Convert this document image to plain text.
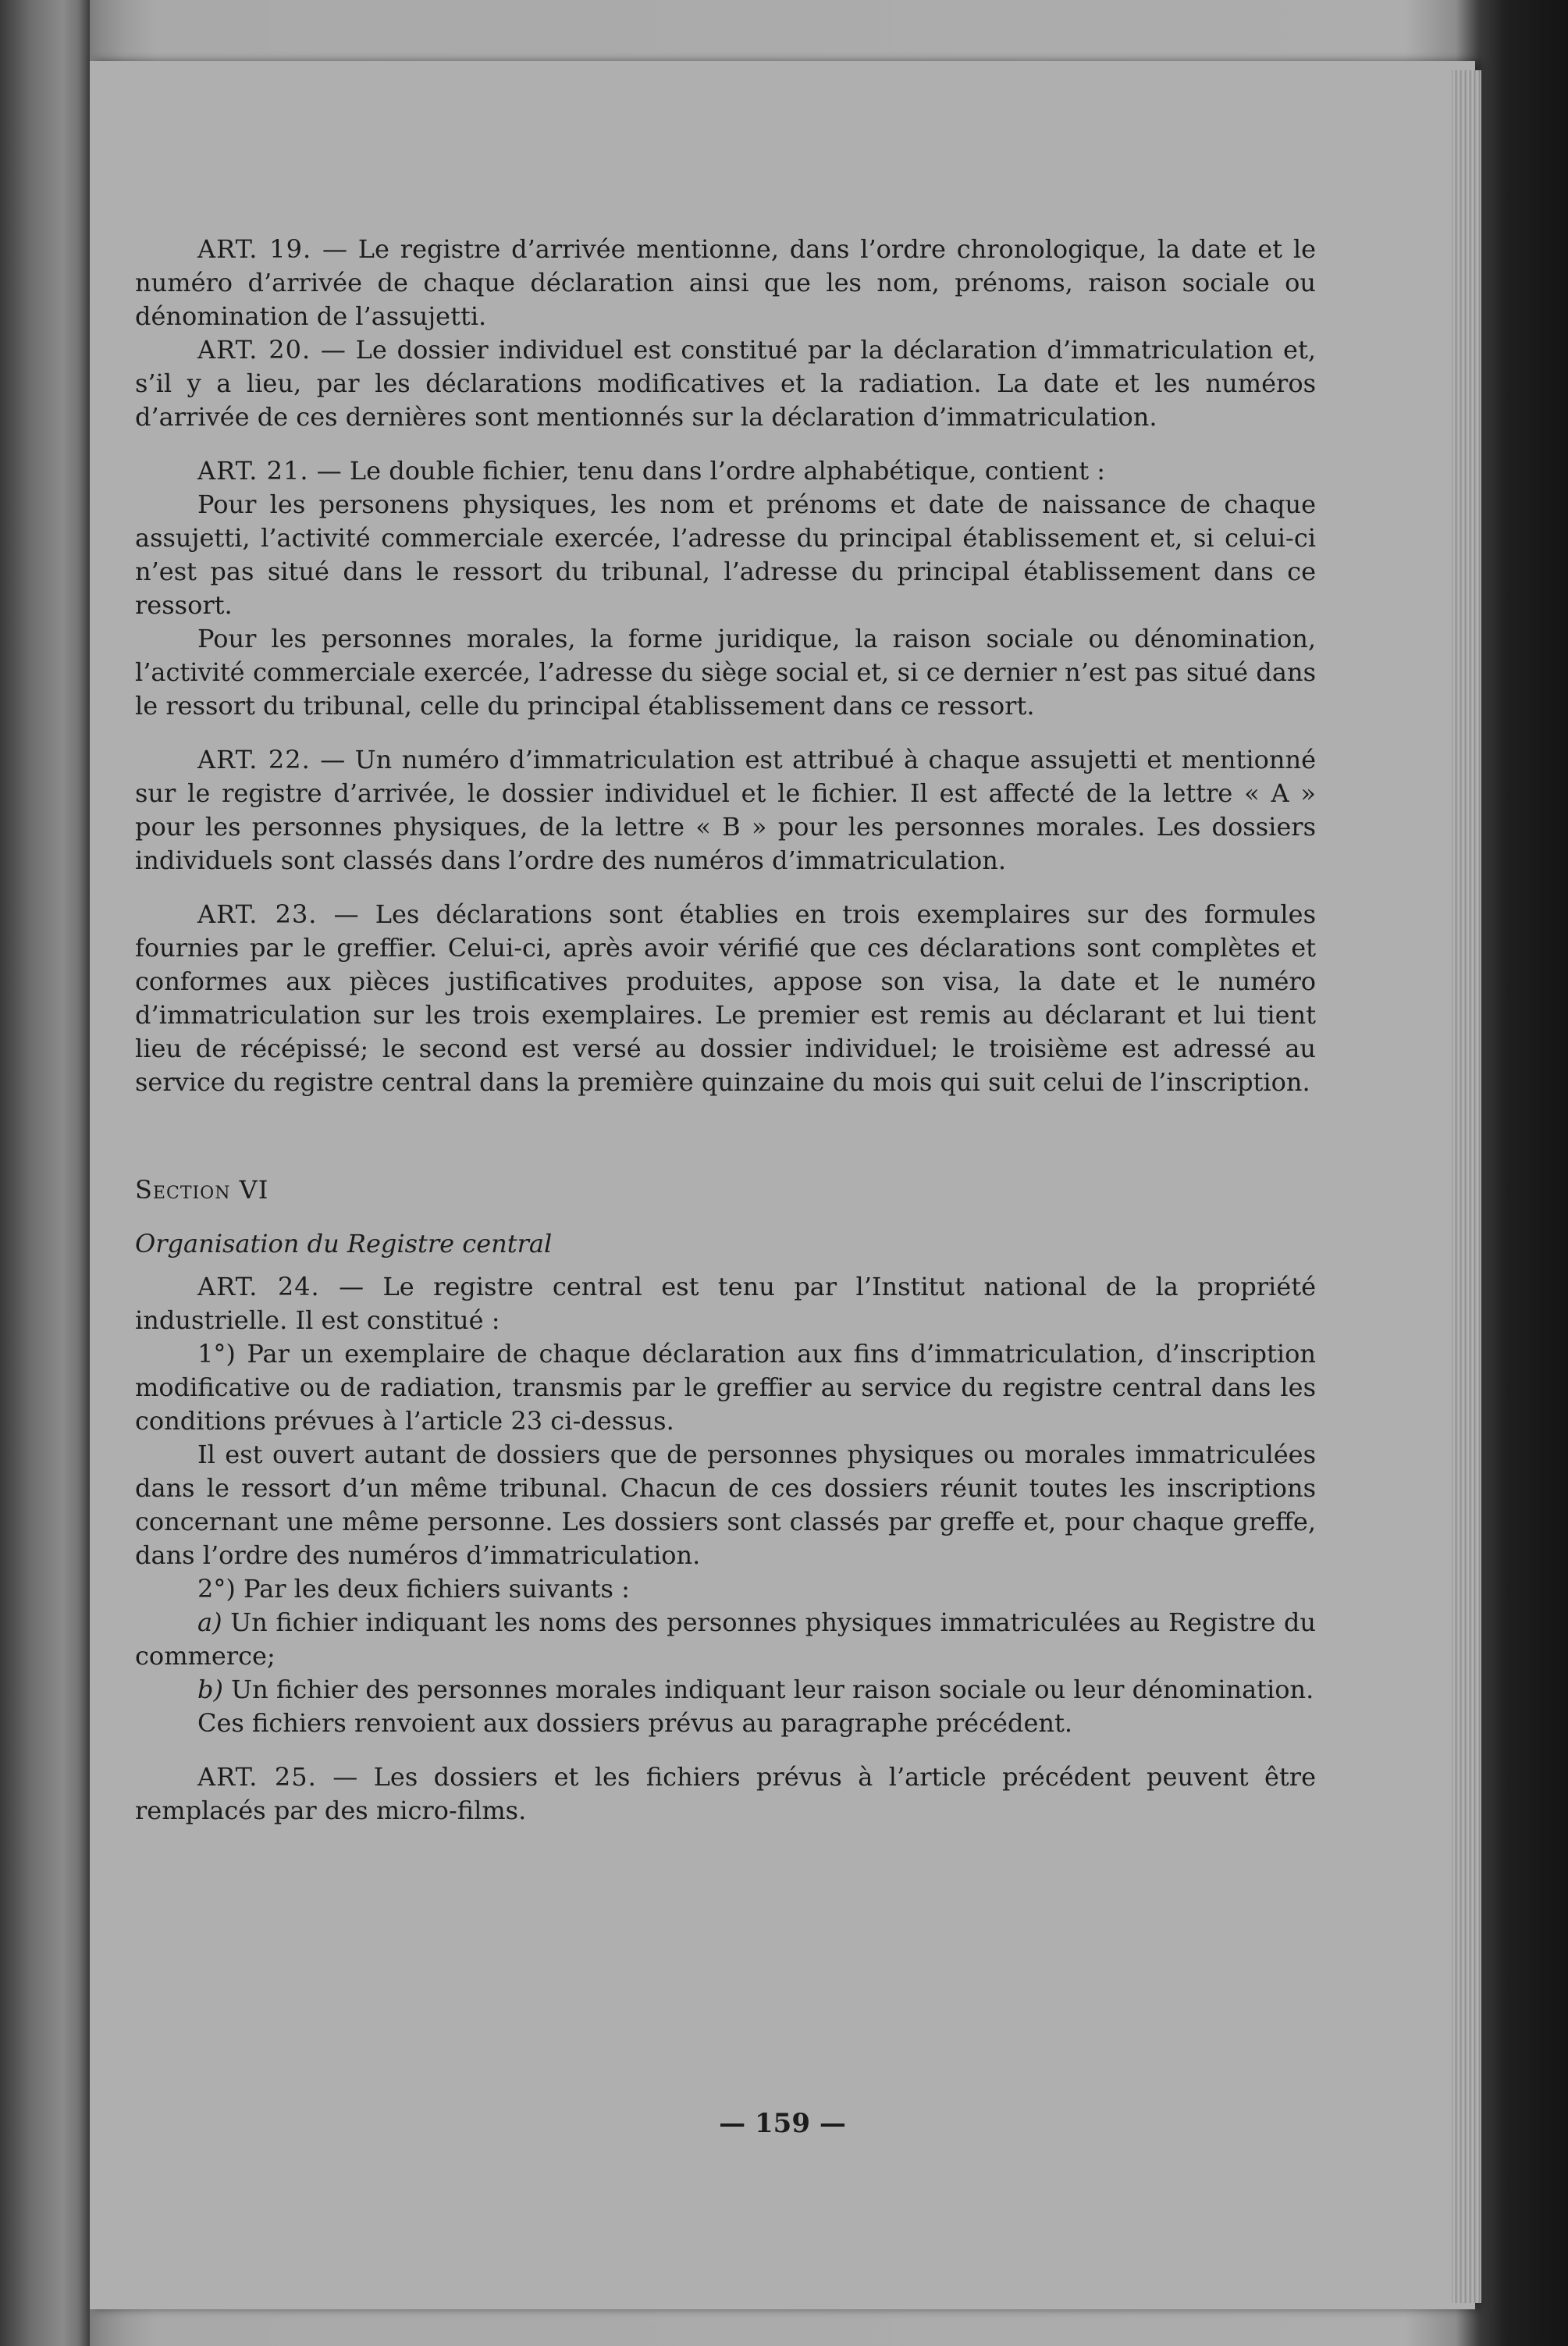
ART. 19. — Le registre d’arrivée mentionne, dans l’ordre chronologique, la date et le numéro d’arrivée de chaque déclaration ainsi que les nom, prénoms, raison sociale ou dénomination de l’assujetti.

ART. 20. — Le dossier individuel est constitué par la déclaration d’immatriculation et, s’il y a lieu, par les déclarations modificatives et la radiation. La date et les numéros d’arrivée de ces dernières sont mentionnés sur la déclaration d’immatriculation.

ART. 21. — Le double fichier, tenu dans l’ordre alphabétique, contient :

Pour les personens physiques, les nom et prénoms et date de naissance de chaque assujetti, l’activité commerciale exercée, l’adresse du principal établissement et, si celui-ci n’est pas situé dans le ressort du tribunal, l’adresse du principal établissement dans ce ressort.

Pour les personnes morales, la forme juridique, la raison sociale ou dénomination, l’activité commerciale exercée, l’adresse du siège social et, si ce dernier n’est pas situé dans le ressort du tribunal, celle du principal établissement dans ce ressort.

ART. 22. — Un numéro d’immatriculation est attribué à chaque assujetti et mentionné sur le registre d’arrivée, le dossier individuel et le fichier. Il est affecté de la lettre « A » pour les personnes physiques, de la lettre « B » pour les personnes morales. Les dossiers individuels sont classés dans l’ordre des numéros d’immatriculation.

ART. 23. — Les déclarations sont établies en trois exemplaires sur des formules fournies par le greffier. Celui-ci, après avoir vérifié que ces déclarations sont complètes et conformes aux pièces justificatives produites, appose son visa, la date et le numéro d’immatriculation sur les trois exemplaires. Le premier est remis au déclarant et lui tient lieu de récépissé; le second est versé au dossier individuel; le troisième est adressé au service du registre central dans la première quinzaine du mois qui suit celui de l’inscription.

Section VI

Organisation du Registre central

ART. 24. — Le registre central est tenu par l’Institut national de la propriété industrielle. Il est constitué :

1°) Par un exemplaire de chaque déclaration aux fins d’immatriculation, d’inscription modificative ou de radiation, transmis par le greffier au service du registre central dans les conditions prévues à l’article 23 ci-dessus.

Il est ouvert autant de dossiers que de personnes physiques ou morales immatriculées dans le ressort d’un même tribunal. Chacun de ces dossiers réunit toutes les inscriptions concernant une même personne. Les dossiers sont classés par greffe et, pour chaque greffe, dans l’ordre des numéros d’immatriculation.

2°) Par les deux fichiers suivants :

a) Un fichier indiquant les noms des personnes physiques immatriculées au Registre du commerce;

b) Un fichier des personnes morales indiquant leur raison sociale ou leur dénomination.

Ces fichiers renvoient aux dossiers prévus au paragraphe précédent.

ART. 25. — Les dossiers et les fichiers prévus à l’article précédent peuvent être remplacés par des micro-films.

— 159 —
